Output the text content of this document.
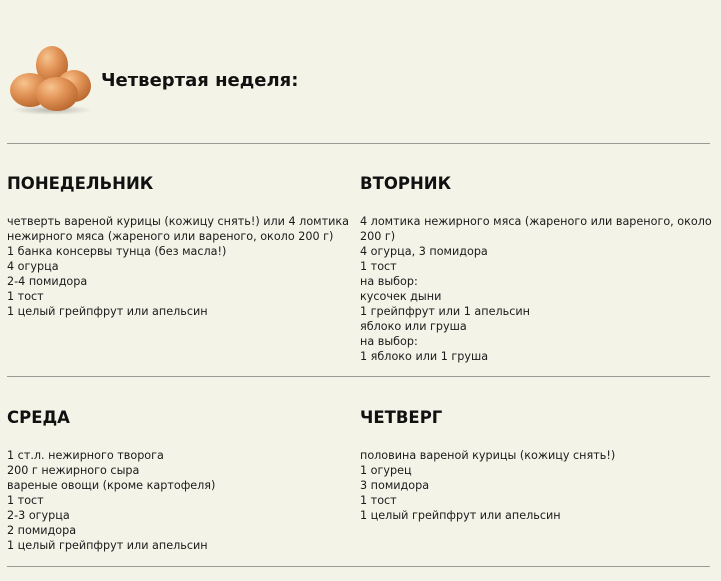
Четвертая неделя:
ПОНЕДЕЛЬНИК
четверть вареной курицы (кожицу снять!) или 4 ломтика
нежирного мяса (жареного или вареного, около 200 г)
1 банка консервы тунца (без масла!)
4 огурца
2-4 помидора
1 тост
1 целый грейпфрут или апельсин
ВТОРНИК
4 ломтика нежирного мяса (жареного или вареного, около
200 г)
4 огурца, 3 помидора
1 тост
на выбор:
кусочек дыни
1 грейпфрут или 1 апельсин
яблоко или груша
на выбор:
1 яблоко или 1 груша
СРЕДА
1 ст.л. нежирного творога
200 г нежирного сыра
вареные овощи (кроме картофеля)
1 тост
2-3 огурца
2 помидора
1 целый грейпфрут или апельсин
ЧЕТВЕРГ
половина вареной курицы (кожицу снять!)
1 огурец
3 помидора
1 тост
1 целый грейпфрут или апельсин
